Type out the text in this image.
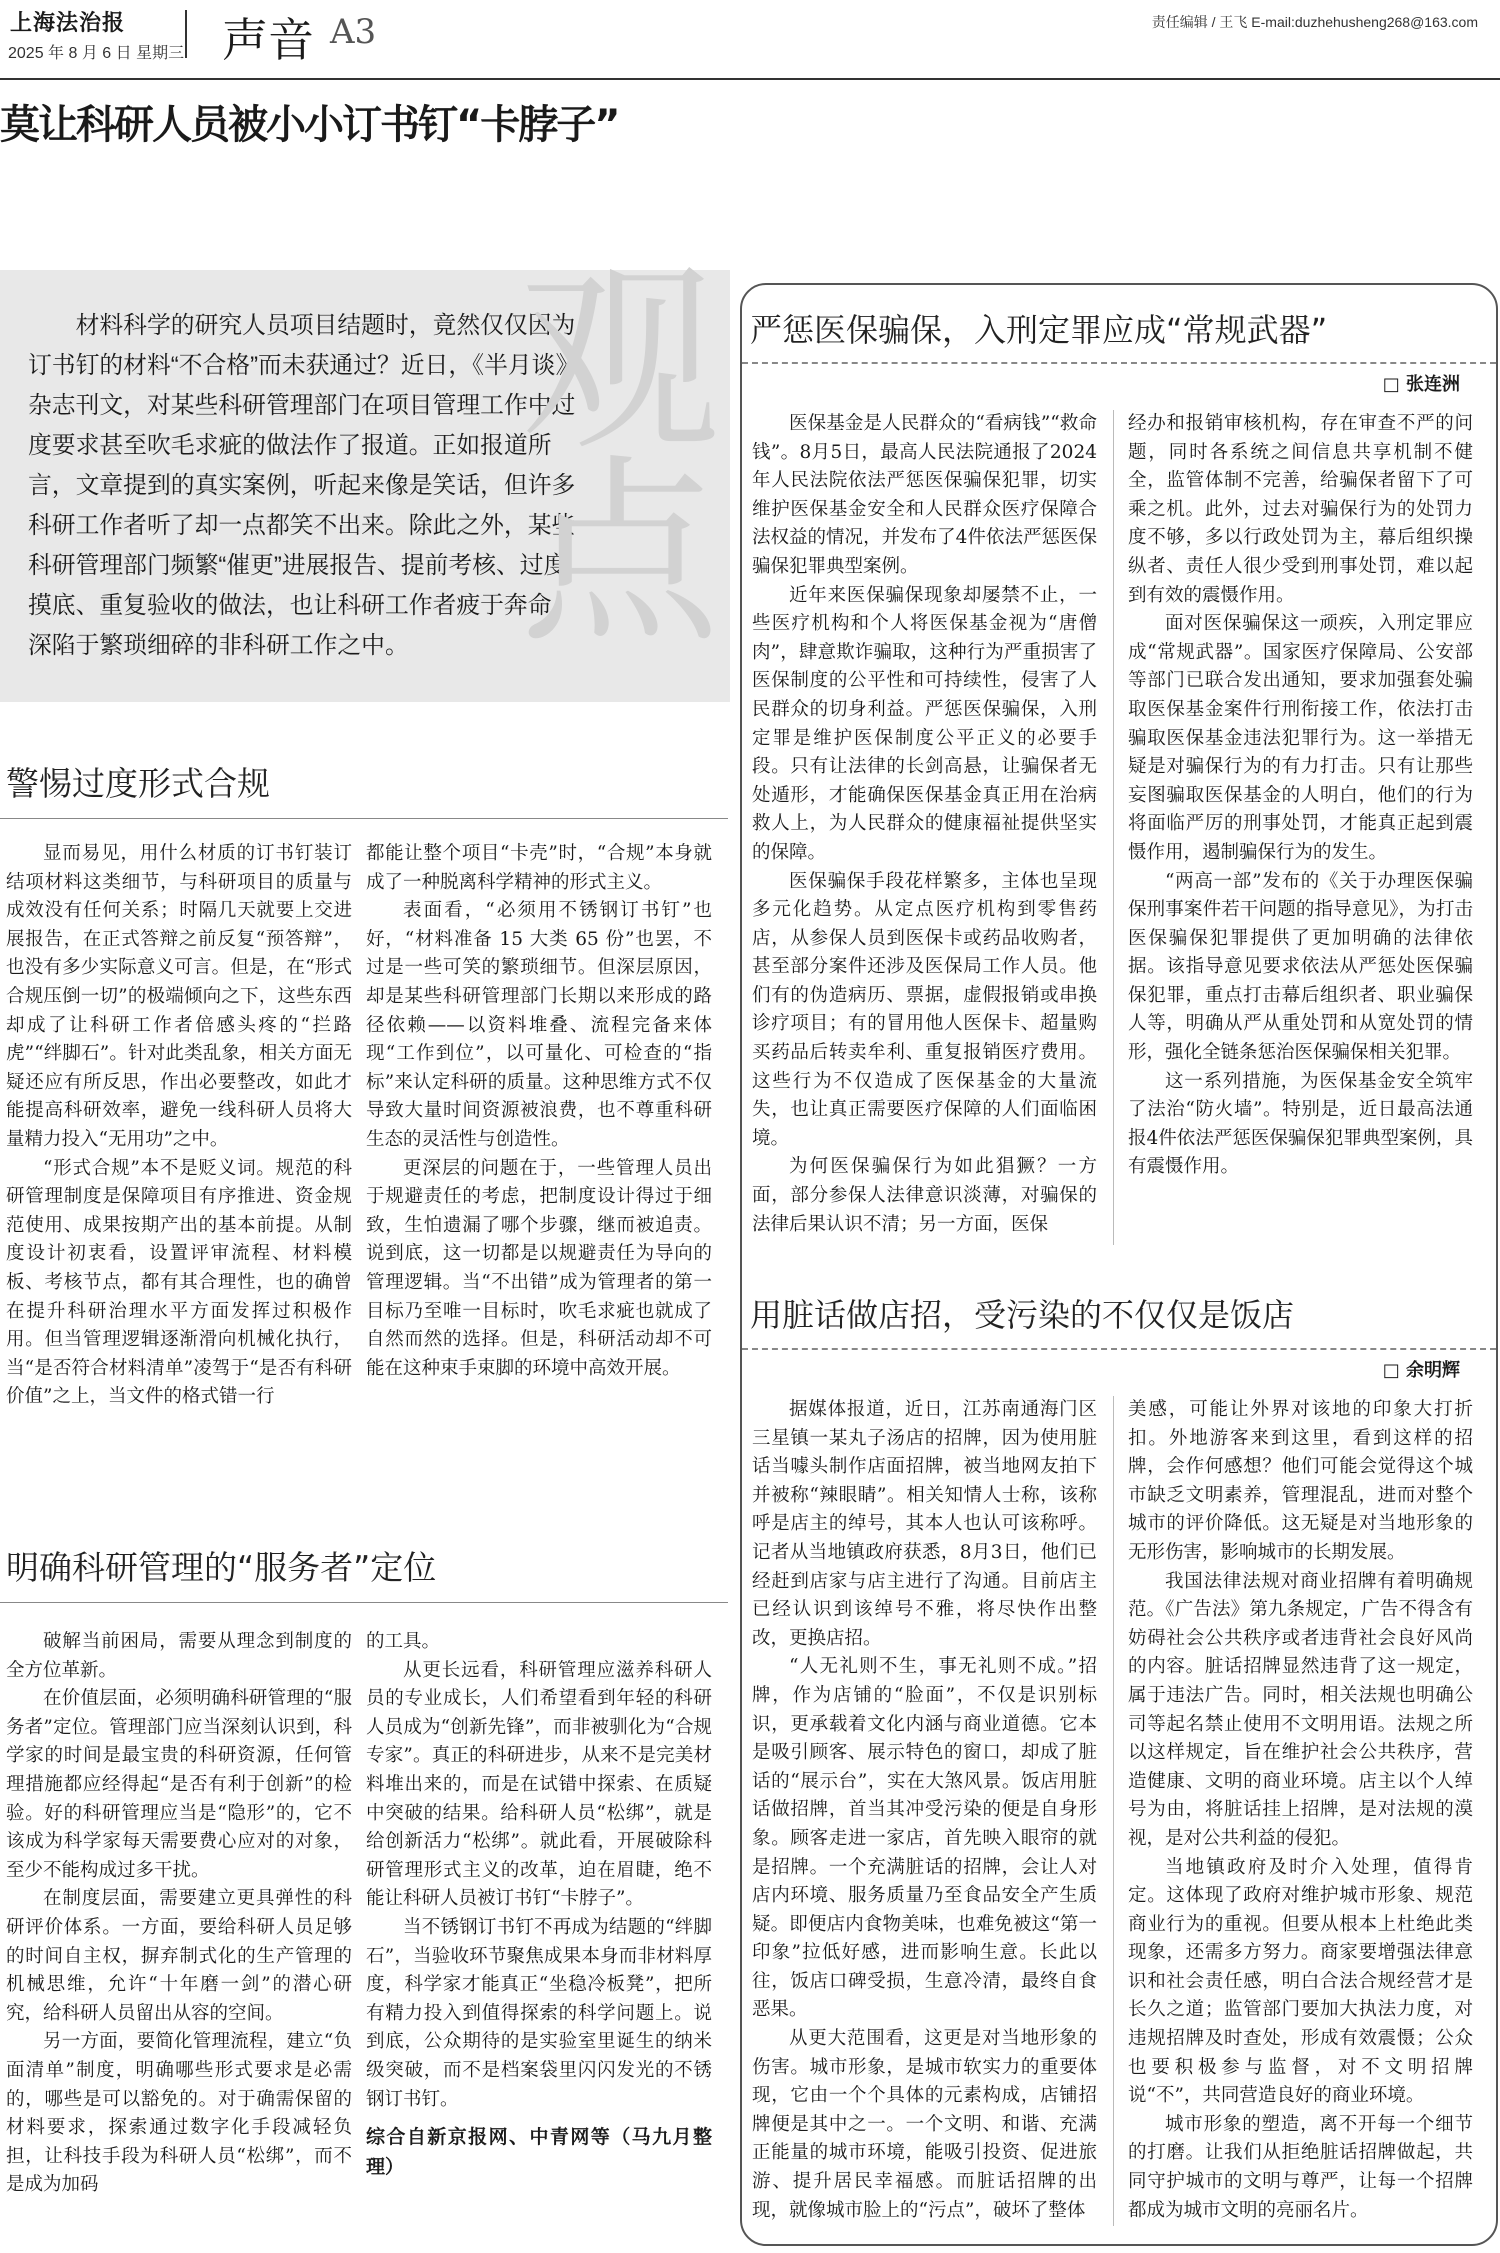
上海法治报
2025 年 8 月 6 日 星期三 声音 A3	责任编辑 / 王飞 E-mail:duzhehusheng268@163.com
莫让科研人员被小小订书钉“卡脖子”

材料科学的研究人员项目结题时，竟然仅仅因为订书钉的材料“不合格”而未获通过？近日，《半月谈》杂志刊文，对某些科研管理部门在项目管理工作中过度要求甚至吹毛求疵的做法作了报道。正如报道所言，文章提到的真实案例，听起来像是笑话，但许多科研工作者听了却一点都笑不出来。除此之外，某些科研管理部门频繁“催更”进展报告、提前考核、过度摸底、重复验收的做法，也让科研工作者疲于奔命，深陷于繁琐细碎的非科研工作之中。

观
点
警惕过度形式合规

显而易见，用什么材质的订书钉装订结项材料这类细节，与科研项目的质量与成效没有任何关系；时隔几天就要上交进展报告，在正式答辩之前反复“预答辩”，也没有多少实际意义可言。但是，在“形式合规压倒一切”的极端倾向之下，这些东西却成了让科研工作者倍感头疼的“拦路虎”“绊脚石”。针对此类乱象，相关方面无疑还应有所反思，作出必要整改，如此才能提高科研效率，避免一线科研人员将大量精力投入“无用功”之中。

“形式合规”本不是贬义词。规范的科研管理制度是保障项目有序推进、资金规范使用、成果按期产出的基本前提。从制度设计初衷看，设置评审流程、材料模板、考核节点，都有其合理性，也的确曾在提升科研治理水平方面发挥过积极作用。但当管理逻辑逐渐滑向机械化执行，当“是否符合材料清单”凌驾于“是否有科研价值”之上，当文件的格式错一行

都能让整个项目“卡壳”时，“合规”本身就成了一种脱离科学精神的形式主义。

表面看，“必须用不锈钢订书钉”也好，“材料准备 15 大类 65 份”也罢，不过是一些可笑的繁琐细节。但深层原因，却是某些科研管理部门长期以来形成的路径依赖——以资料堆叠、流程完备来体现“工作到位”，以可量化、可检查的“指标”来认定科研的质量。这种思维方式不仅导致大量时间资源被浪费，也不尊重科研生态的灵活性与创造性。

更深层的问题在于，一些管理人员出于规避责任的考虑，把制度设计得过于细致，生怕遗漏了哪个步骤，继而被追责。说到底，这一切都是以规避责任为导向的管理逻辑。当“不出错”成为管理者的第一目标乃至唯一目标时，吹毛求疵也就成了自然而然的选择。但是，科研活动却不可能在这种束手束脚的环境中高效开展。

明确科研管理的“服务者”定位

破解当前困局，需要从理念到制度的全方位革新。

在价值层面，必须明确科研管理的“服务者”定位。管理部门应当深刻认识到，科学家的时间是最宝贵的科研资源，任何管理措施都应经得起“是否有利于创新”的检验。好的科研管理应当是“隐形”的，它不该成为科学家每天需要费心应对的对象，至少不能构成过多干扰。

在制度层面，需要建立更具弹性的科研评价体系。一方面，要给科研人员足够的时间自主权，摒弃制式化的生产管理的机械思维，允许“十年磨一剑”的潜心研究，给科研人员留出从容的空间。

另一方面，要简化管理流程，建立“负面清单”制度，明确哪些形式要求是必需的，哪些是可以豁免的。对于确需保留的材料要求，探索通过数字化手段减轻负担，让科技手段为科研人员“松绑”，而不是成为加码

的工具。

从更长远看，科研管理应滋养科研人员的专业成长，人们希望看到年轻的科研人员成为“创新先锋”，而非被驯化为“合规专家”。真正的科研进步，从来不是完美材料堆出来的，而是在试错中探索、在质疑中突破的结果。给科研人员“松绑”，就是给创新活力“松绑”。就此看，开展破除科研管理形式主义的改革，迫在眉睫，绝不能让科研人员被订书钉“卡脖子”。

当不锈钢订书钉不再成为结题的“绊脚石”，当验收环节聚焦成果本身而非材料厚度，科学家才能真正“坐稳冷板凳”，把所有精力投入到值得探索的科学问题上。说到底，公众期待的是实验室里诞生的纳米级突破，而不是档案袋里闪闪发光的不锈钢订书钉。

综合自新京报网、中青网等（马九月整理）
严惩医保骗保，入刑定罪应成“常规武器”
□ 张连洲

医保基金是人民群众的“看病钱”“救命钱”。8月5日，最高人民法院通报了2024年人民法院依法严惩医保骗保犯罪，切实维护医保基金安全和人民群众医疗保障合法权益的情况，并发布了4件依法严惩医保骗保犯罪典型案例。

近年来医保骗保现象却屡禁不止，一些医疗机构和个人将医保基金视为“唐僧肉”，肆意欺诈骗取，这种行为严重损害了医保制度的公平性和可持续性，侵害了人民群众的切身利益。严惩医保骗保，入刑定罪是维护医保制度公平正义的必要手段。只有让法律的长剑高悬，让骗保者无处遁形，才能确保医保基金真正用在治病救人上，为人民群众的健康福祉提供坚实的保障。

医保骗保手段花样繁多，主体也呈现多元化趋势。从定点医疗机构到零售药店，从参保人员到医保卡或药品收购者，甚至部分案件还涉及医保局工作人员。他们有的伪造病历、票据，虚假报销或串换诊疗项目；有的冒用他人医保卡、超量购买药品后转卖牟利、重复报销医疗费用。这些行为不仅造成了医保基金的大量流失，也让真正需要医疗保障的人们面临困境。

为何医保骗保行为如此猖獗？一方面，部分参保人法律意识淡薄，对骗保的法律后果认识不清；另一方面，医保

经办和报销审核机构，存在审查不严的问题，同时各系统之间信息共享机制不健全，监管体制不完善，给骗保者留下了可乘之机。此外，过去对骗保行为的处罚力度不够，多以行政处罚为主，幕后组织操纵者、责任人很少受到刑事处罚，难以起到有效的震慑作用。

面对医保骗保这一顽疾，入刑定罪应成“常规武器”。国家医疗保障局、公安部等部门已联合发出通知，要求加强套处骗取医保基金案件行刑衔接工作，依法打击骗取医保基金违法犯罪行为。这一举措无疑是对骗保行为的有力打击。只有让那些妄图骗取医保基金的人明白，他们的行为将面临严厉的刑事处罚，才能真正起到震慑作用，遏制骗保行为的发生。

“两高一部”发布的《关于办理医保骗保刑事案件若干问题的指导意见》，为打击医保骗保犯罪提供了更加明确的法律依据。该指导意见要求依法从严惩处医保骗保犯罪，重点打击幕后组织者、职业骗保人等，明确从严从重处罚和从宽处罚的情形，强化全链条惩治医保骗保相关犯罪。

这一系列措施，为医保基金安全筑牢了法治“防火墙”。特别是，近日最高法通报4件依法严惩医保骗保犯罪典型案例，具有震慑作用。

用脏话做店招，受污染的不仅仅是饭店
□ 余明辉

据媒体报道，近日，江苏南通海门区三星镇一某丸子汤店的招牌，因为使用脏话当噱头制作店面招牌，被当地网友拍下并被称“辣眼睛”。相关知情人士称，该称呼是店主的绰号，其本人也认可该称呼。记者从当地镇政府获悉，8月3日，他们已经赶到店家与店主进行了沟通。目前店主已经认识到该绰号不雅，将尽快作出整改，更换店招。

“人无礼则不生，事无礼则不成。”招牌，作为店铺的“脸面”，不仅是识别标识，更承载着文化内涵与商业道德。它本是吸引顾客、展示特色的窗口，却成了脏话的“展示台”，实在大煞风景。饭店用脏话做招牌，首当其冲受污染的便是自身形象。顾客走进一家店，首先映入眼帘的就是招牌。一个充满脏话的招牌，会让人对店内环境、服务质量乃至食品安全产生质疑。即便店内食物美味，也难免被这“第一印象”拉低好感，进而影响生意。长此以往，饭店口碑受损，生意冷清，最终自食恶果。

从更大范围看，这更是对当地形象的伤害。城市形象，是城市软实力的重要体现，它由一个个具体的元素构成，店铺招牌便是其中之一。一个文明、和谐、充满正能量的城市环境，能吸引投资、促进旅游、提升居民幸福感。而脏话招牌的出现，就像城市脸上的“污点”，破坏了整体

美感，可能让外界对该地的印象大打折扣。外地游客来到这里，看到这样的招牌，会作何感想？他们可能会觉得这个城市缺乏文明素养，管理混乱，进而对整个城市的评价降低。这无疑是对当地形象的无形伤害，影响城市的长期发展。

我国法律法规对商业招牌有着明确规范。《广告法》第九条规定，广告不得含有妨碍社会公共秩序或者违背社会良好风尚的内容。脏话招牌显然违背了这一规定，属于违法广告。同时，相关法规也明确公司等起名禁止使用不文明用语。法规之所以这样规定，旨在维护社会公共秩序，营造健康、文明的商业环境。店主以个人绰号为由，将脏话挂上招牌，是对法规的漠视，是对公共利益的侵犯。

当地镇政府及时介入处理，值得肯定。这体现了政府对维护城市形象、规范商业行为的重视。但要从根本上杜绝此类现象，还需多方努力。商家要增强法律意识和社会责任感，明白合法合规经营才是长久之道；监管部门要加大执法力度，对违规招牌及时查处，形成有效震慑；公众也要积极参与监督，对不文明招牌说“不”，共同营造良好的商业环境。

城市形象的塑造，离不开每一个细节的打磨。让我们从拒绝脏话招牌做起，共同守护城市的文明与尊严，让每一个招牌都成为城市文明的亮丽名片。
